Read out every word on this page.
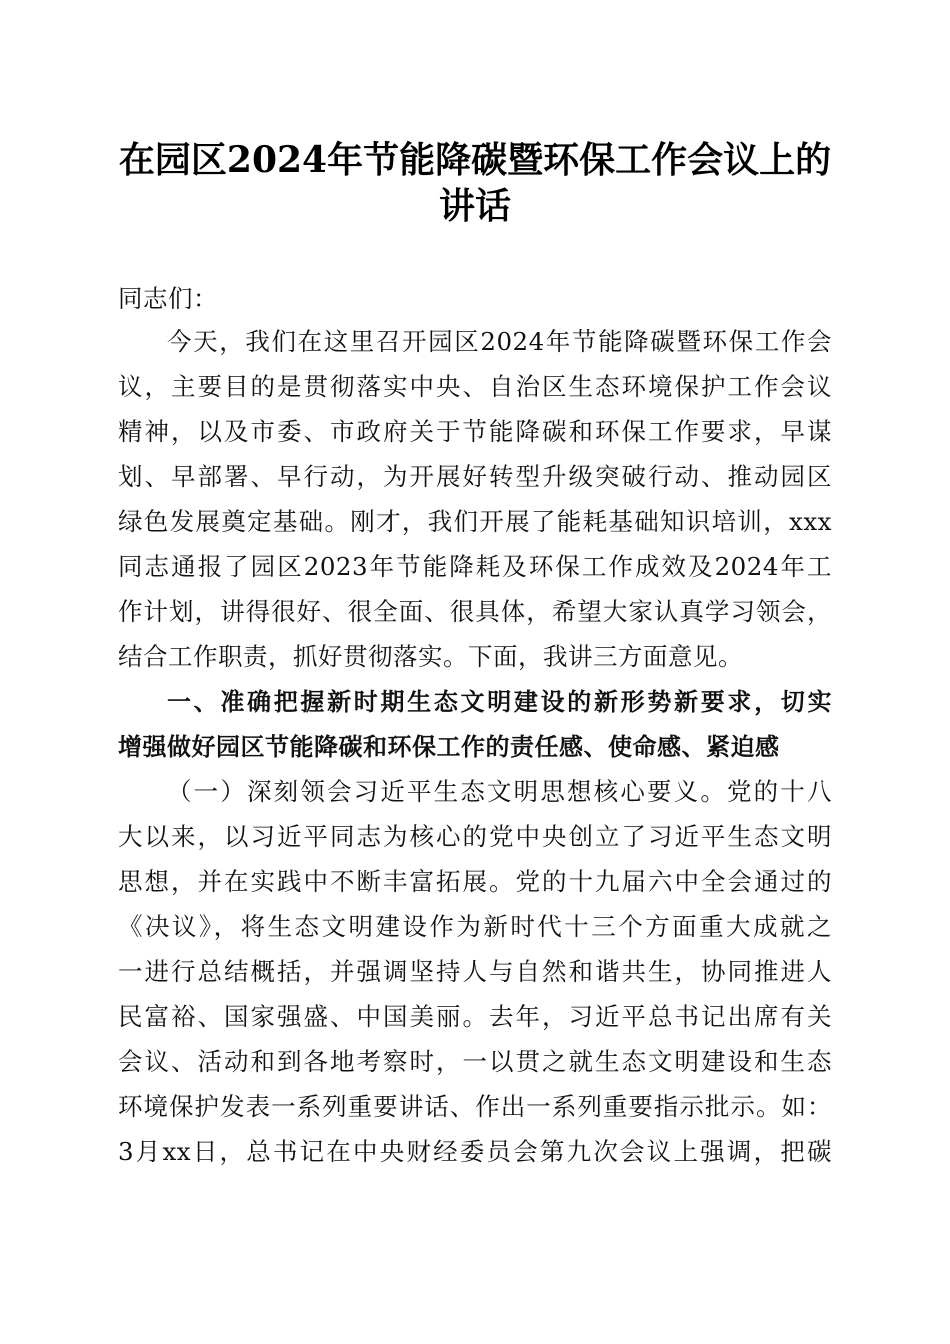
在园区2024年节能降碳暨环保工作会议上的
讲话
同志们：
今天，我们在这里召开园区2024年节能降碳暨环保工作会
议，主要目的是贯彻落实中央、自治区生态环境保护工作会议
精神，以及市委、市政府关于节能降碳和环保工作要求，早谋
划、早部署、早行动，为开展好转型升级突破行动、推动园区
绿色发展奠定基础。刚才，我们开展了能耗基础知识培训，xxx
同志通报了园区2023年节能降耗及环保工作成效及2024年工
作计划，讲得很好、很全面、很具体，希望大家认真学习领会，
结合工作职责，抓好贯彻落实。下面，我讲三方面意见。
一、准确把握新时期生态文明建设的新形势新要求，切实
增强做好园区节能降碳和环保工作的责任感、使命感、紧迫感
（一）深刻领会习近平生态文明思想核心要义。党的十八
大以来，以习近平同志为核心的党中央创立了习近平生态文明
思想，并在实践中不断丰富拓展。党的十九届六中全会通过的
《决议》，将生态文明建设作为新时代十三个方面重大成就之
一进行总结概括，并强调坚持人与自然和谐共生，协同推进人
民富裕、国家强盛、中国美丽。去年，习近平总书记出席有关
会议、活动和到各地考察时，一以贯之就生态文明建设和生态
环境保护发表一系列重要讲话、作出一系列重要指示批示。如：
3月xx日，总书记在中央财经委员会第九次会议上强调，把碳
